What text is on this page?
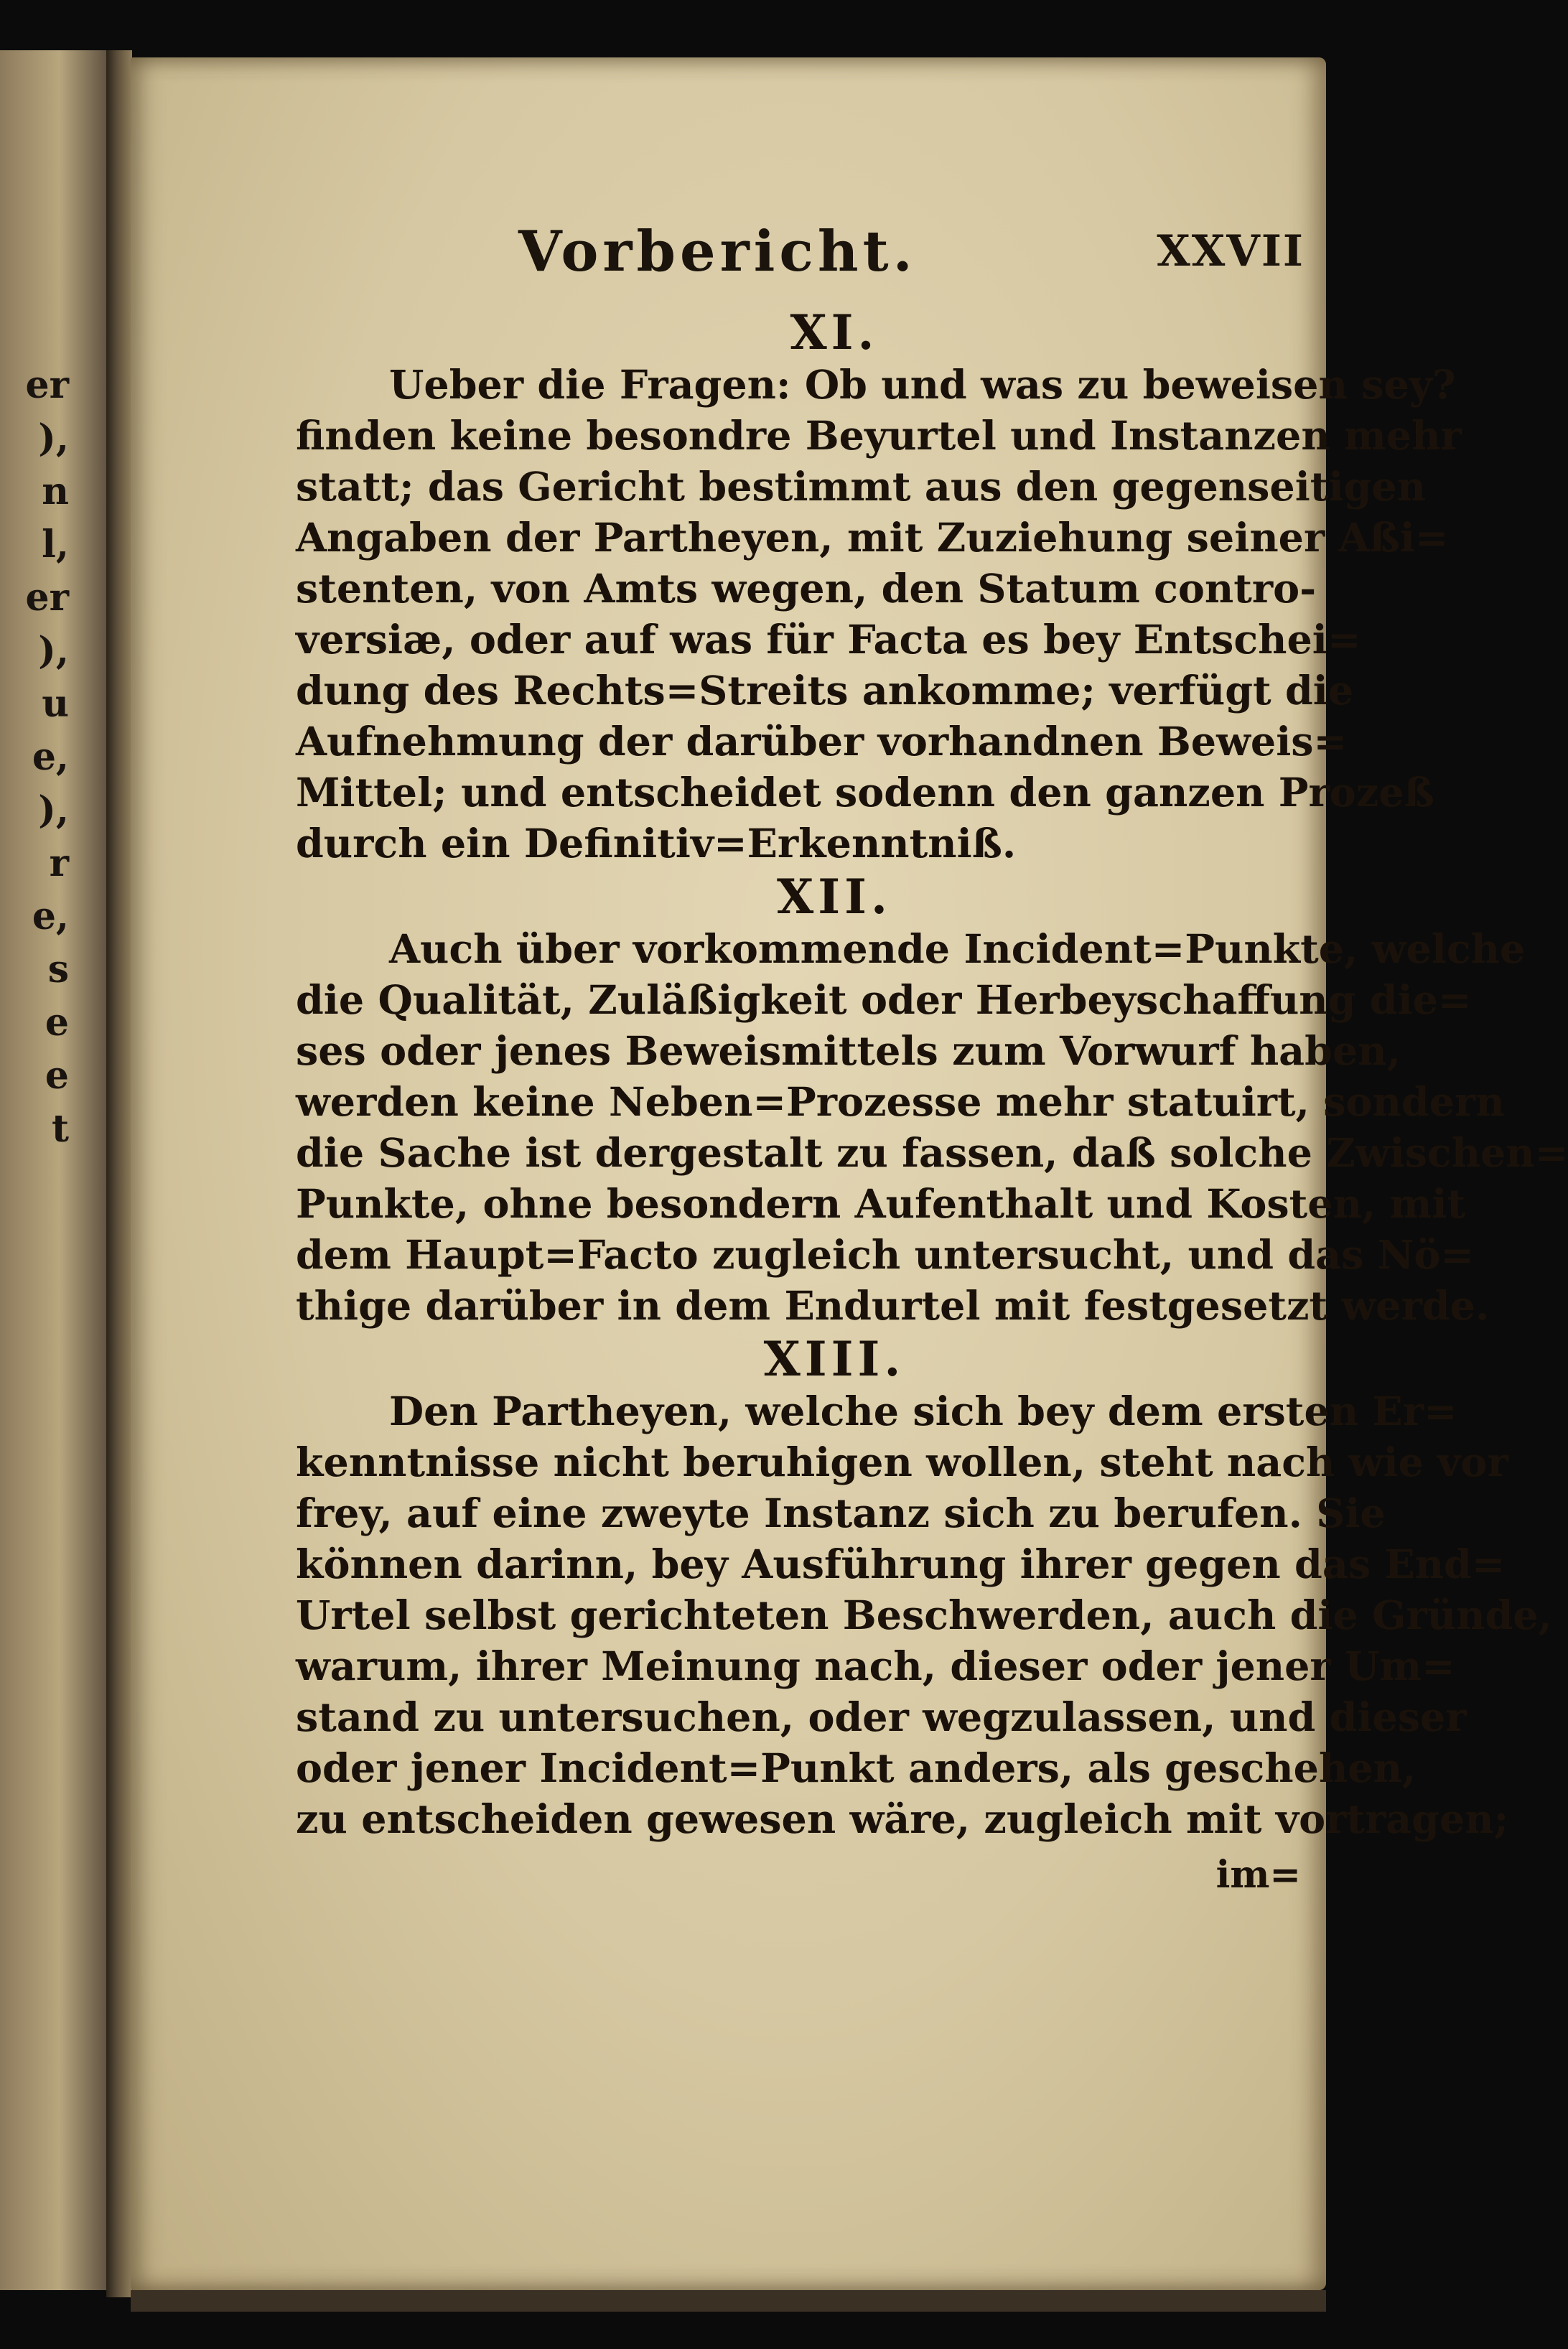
er
),
n
l,
er
),
u
e,
),
r
e,
s
e
e
t
Vorbericht.	XXVII
XI.
Ueber die Fragen: Ob und was zu beweisen sey?
finden keine besondre Beyurtel und Instanzen mehr
statt; das Gericht bestimmt aus den gegenseitigen
Angaben der Partheyen, mit Zuziehung seiner Aßi=
stenten, von Amts wegen, den Statum contro-
versiæ, oder auf was für Facta es bey Entschei=
dung des Rechts=Streits ankomme; verfügt die
Aufnehmung der darüber vorhandnen Beweis=
Mittel; und entscheidet sodenn den ganzen Prozeß
durch ein Definitiv=Erkenntniß.
XII.
Auch über vorkommende Incident=Punkte, welche
die Qualität, Zuläßigkeit oder Herbeyschaffung die=
ses oder jenes Beweismittels zum Vorwurf haben,
werden keine Neben=Prozesse mehr statuirt, sondern
die Sache ist dergestalt zu fassen, daß solche Zwischen=
Punkte, ohne besondern Aufenthalt und Kosten, mit
dem Haupt=Facto zugleich untersucht, und das Nö=
thige darüber in dem Endurtel mit festgesetzt werde.
XIII.
Den Partheyen, welche sich bey dem ersten Er=
kenntnisse nicht beruhigen wollen, steht nach wie vor
frey, auf eine zweyte Instanz sich zu berufen. Sie
können darinn, bey Ausführung ihrer gegen das End=
Urtel selbst gerichteten Beschwerden, auch die Gründe,
warum, ihrer Meinung nach, dieser oder jener Um=
stand zu untersuchen, oder wegzulassen, und dieser
oder jener Incident=Punkt anders, als geschehen,
zu entscheiden gewesen wäre, zugleich mit vortragen;
im=
